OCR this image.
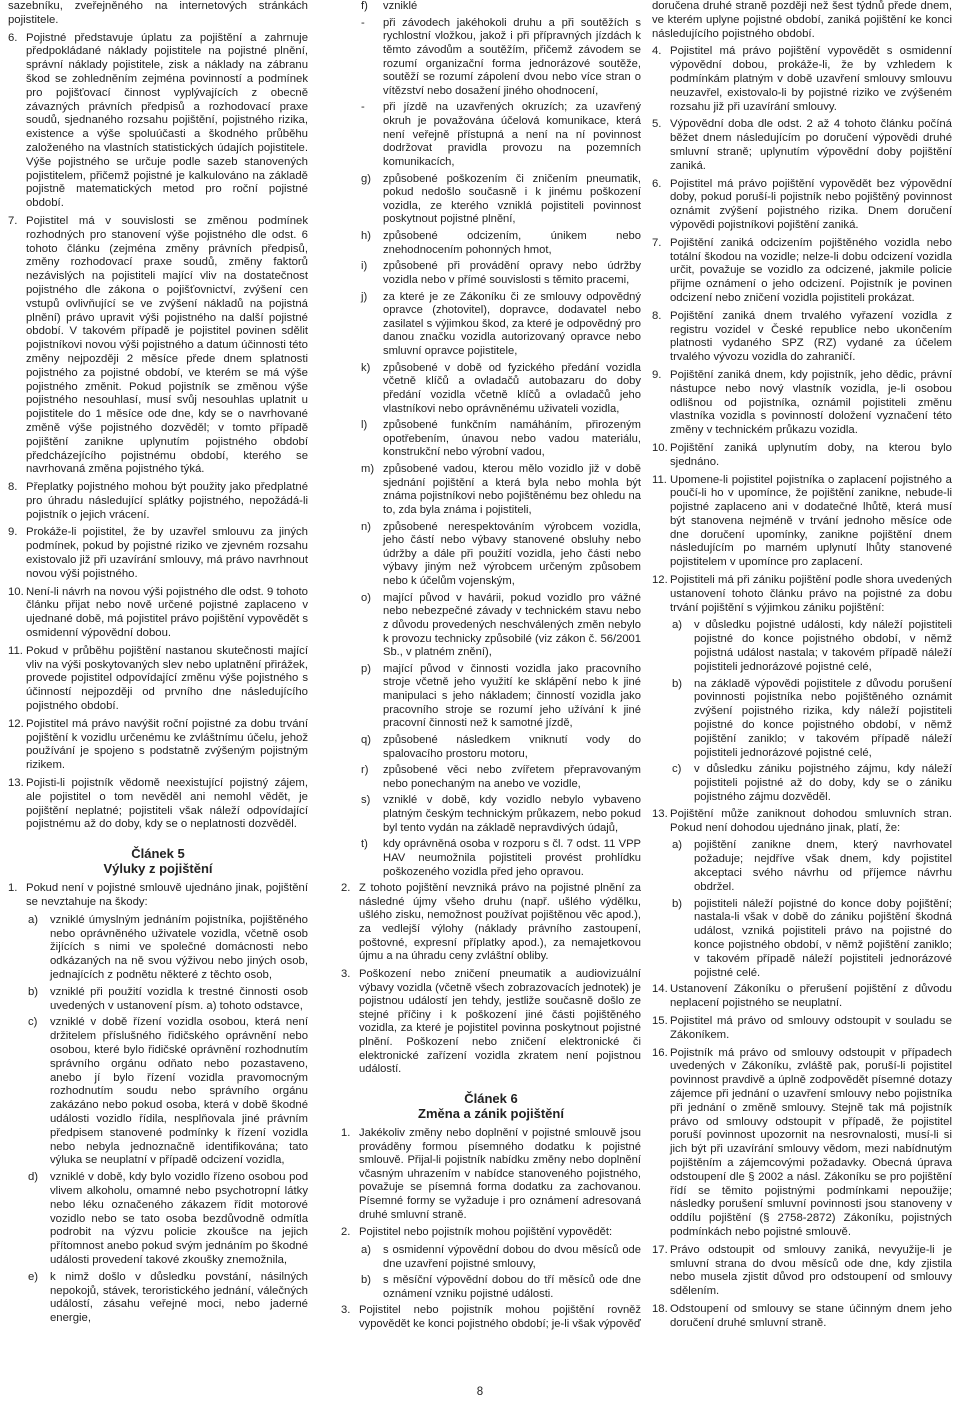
sazebníku, zveřejněného na internetových stránkách pojistitele.
6. Pojistné představuje úplatu za pojištění a zahrnuje předpokládané náklady pojistitele na pojistné plnění, správní náklady pojistitele, zisk a náklady na zábranu škod se zohledněním zejména povinností a podmínek pro pojišťovací činnost vyplývajících z obecně závazných právních předpisů a rozhodovací praxe soudů, sjednaného rozsahu pojištění, pojistného rizika, existence a výše spoluúčasti a škodného průběhu založeného na vlastních statistických údajích pojistitele. Výše pojistného se určuje podle sazeb stanovených pojistitelem, přičemž pojistné je kalkulováno na základě pojistně matematických metod pro roční pojistné období.
7. Pojistitel má v souvislosti se změnou podmínek rozhodných pro stanovení výše pojistného dle odst. 6 tohoto článku (zejména změny právních předpisů, změny rozhodovací praxe soudů, změny faktorů nezávislých na pojistiteli mající vliv na dostatečnost pojistného dle zákona o pojišťovnictví, zvýšení cen vstupů ovlivňující se ve zvýšení nákladů na pojistná plnění) právo upravit výši pojistného na další pojistné období. V takovém případě je pojistitel povinen sdělit pojistníkovi novou výši pojistného a datum účinnosti této změny nejpozději 2 měsíce přede dnem splatnosti pojistného za pojistné období, ve kterém se má výše pojistného změnit. Pokud pojistník se změnou výše pojistného nesouhlasí, musí svůj nesouhlas uplatnit u pojistitele do 1 měsíce ode dne, kdy se o navrhované změně výše pojistného dozvěděl; v tomto případě pojištění zanikne uplynutím pojistného období předcházejícího pojistnému období, kterého se navrhovaná změna pojistného týká.
8. Přeplatky pojistného mohou být použity jako předplatné pro úhradu následující splátky pojistného, nepožádá-li pojistník o jejich vrácení.
9. Prokáže-li pojistitel, že by uzavřel smlouvu za jiných podmínek, pokud by pojistné riziko ve zjevném rozsahu existovalo již při uzavírání smlouvy, má právo navrhnout novou výši pojistného.
10. Není-li návrh na novou výši pojistného dle odst. 9 tohoto článku přijat nebo nově určené pojistné zaplaceno v ujednané době, má pojistitel právo pojištění vypovědět s osmidenní výpovědní dobou.
11. Pokud v průběhu pojištění nastanou skutečnosti mající vliv na výši poskytovaných slev nebo uplatnění přirážek, provede pojistitel odpovídající změnu výše pojistného s účinností nejpozději od prvního dne následujícího pojistného období.
12. Pojistitel má právo navýšit roční pojistné za dobu trvání pojištění k vozidlu určenému ke zvláštnímu účelu, jehož používání je spojeno s podstatně zvýšeným pojistným rizikem.
13. Pojisti-li pojistník vědomě neexistující pojistný zájem, ale pojistitel o tom nevěděl ani nemohl vědět, je pojištění neplatné; pojistiteli však náleží odpovídající pojistnému až do doby, kdy se o neplatnosti dozvěděl.
Článek 5
Výluky z pojištění
1. Pokud není v pojistné smlouvě ujednáno jinak, pojištění se nevztahuje na škody:
a)	vzniklé úmyslným jednáním pojistníka, pojištěného nebo oprávněného uživatele vozidla, včetně osob žijících s nimi ve společné domácnosti nebo odkázaných na ně svou výživou nebo jiných osob, jednajících z podnětu některé z těchto osob,
b)	vzniklé při použití vozidla k trestné činnosti osob uvedených v ustanovení písm. a) tohoto odstavce,
c)	vzniklé v době řízení vozidla osobou, která není držitelem příslušného řidičského oprávnění nebo osobou, které bylo řidičské oprávnění rozhodnutím správního orgánu odňato nebo pozastaveno, anebo jí bylo řízení vozidla pravomocným rozhodnutím soudu nebo správního orgánu zakázáno nebo pokud osoba, která v době škodné události vozidlo řídila, nesplňovala jiné právním předpisem stanovené podmínky k řízení vozidla nebo nebyla jednoznačně identifikována; tato výluka se neuplatní v případě odcizení vozidla,
d)	vzniklé v době, kdy bylo vozidlo řízeno osobou pod vlivem alkoholu, omamné nebo psychotropní látky nebo léku označeného zákazem řídit motorové vozidlo nebo se tato osoba bezdůvodně odmítla podrobit na výzvu policie zkoušce na jejich přítomnost anebo pokud svým jednáním po škodné události provedení takové zkoušky znemožnila,
e)	k nimž došlo v důsledku povstání, násilných nepokojů, stávek, teroristického jednání, válečných událostí, zásahu veřejné moci, nebo jaderné energie,
f)	vzniklé
-	při závodech jakéhokoli druhu a při soutěžích s rychlostní vložkou, jakož i při přípravných jízdách k těmto závodům a soutěžím, přičemž závodem se rozumí organizační forma jednorázové soutěže, soutěží se rozumí zápolení dvou nebo více stran o vítězství nebo dosažení jiného ohodnocení,
-	při jízdě na uzavřených okruzích; za uzavřený okruh je považována účelová komunikace, která není veřejně přístupná a není na ní povinnost dodržovat pravidla provozu na pozemních komunikacích,
g)	způsobené poškozením či zničením pneumatik, pokud nedošlo současně i k jinému poškození vozidla, ze kterého vzniklá pojistiteli povinnost poskytnout pojistné plnění,
h)	způsobené odcizením, únikem nebo znehodnocením pohonných hmot,
i)	způsobené při provádění opravy nebo údržby vozidla nebo v přímé souvislosti s těmito pracemi,
j)	za které je ze Zákoníku či ze smlouvy odpovědný opravce (zhotovitel), dopravce, dodavatel nebo zasilatel s výjimkou škod, za které je odpovědný pro danou značku vozidla autorizovaný opravce nebo smluvní opravce pojistitele,
k)	způsobené v době od fyzického předání vozidla včetně klíčů a ovladačů autobazaru do doby předání vozidla včetně klíčů a ovladačů jeho vlastníkovi nebo oprávněnému uživateli vozidla,
l)	způsobené funkčním namáháním, přirozeným opotřebením, únavou nebo vadou materiálu, konstrukční nebo výrobní vadou,
m) způsobené vadou, kterou mělo vozidlo již v době sjednání pojištění a která byla nebo mohla být známa pojistníkovi nebo pojištěnému bez ohledu na to, zda byla známa i pojistiteli,
n)	způsobené nerespektováním výrobcem vozidla, jeho částí nebo výbavy stanovené obsluhy nebo údržby a dále při použití vozidla, jeho části nebo výbavy jiným než výrobcem určeným způsobem nebo k účelům vojenským,
o)	mající původ v havárii, pokud vozidlo pro vážné nebo nebezpečné závady v technickém stavu nebo z důvodu provedených neschválených změn nebylo k provozu technicky způsobilé (viz zákon č. 56/2001 Sb., v platném znění),
p)	mající původ v činnosti vozidla jako pracovního stroje včetně jeho využití ke sklápění nebo k jiné manipulaci s jeho nákladem; činností vozidla jako pracovního stroje se rozumí jeho užívání k jiné pracovní činnosti než k samotné jízdě,
q)	způsobené následkem vniknutí vody do spalovacího prostoru motoru,
r)	způsobené věci nebo zvířetem přepravovaným nebo ponechaným na anebo ve vozidle,
s)	vzniklé v době, kdy vozidlo nebylo vybaveno platným českým technickým průkazem, nebo pokud byl tento vydán na základě nepravdivých údajů,
t)	kdy oprávněná osoba v rozporu s čl. 7 odst. 11 VPP HAV neumožnila pojistiteli provést prohlídku poškozeného vozidla před jeho opravou.
2. Z tohoto pojištění nevzniká právo na pojistné plnění za následné újmy všeho druhu (např. ušlého výdělku, ušlého zisku, nemožnost používat pojištěnou věc apod.), za vedlejší výlohy (náklady právního zastoupení, poštovné, expresní příplatky apod.), za nemajetkovou újmu a na úhradu ceny zvláštní obliby.
3. Poškození nebo zničení pneumatik a audiovizuální výbavy vozidla (včetně všech zobrazovacích jednotek) je pojistnou událostí jen tehdy, jestliže současně došlo ze stejné příčiny i k poškození jiné části pojištěného vozidla, za které je pojistitel povinna poskytnout pojistné plnění. Poškození nebo zničení elektronické či elektronické zařízení vozidla zkratem není pojistnou událostí.
Článek 6
Změna a zánik pojištění
1. Jakékoliv změny nebo doplnění v pojistné smlouvě jsou prováděny formou písemného dodatku k pojistné smlouvě. Přijal-li pojistník nabídku změny nebo doplnění včasným uhrazením v nabídce stanoveného pojistného, považuje se písemná forma dodatku za zachovanou. Písemné formy se vyžaduje i pro oznámení adresovaná druhé smluvní straně.
2. Pojistitel nebo pojistník mohou pojištění vypovědět:
a)	s osmidenní výpovědní dobou do dvou měsíců ode dne uzavření pojistné smlouvy,
b)	s měsíční výpovědní dobou do tří měsíců ode dne oznámení vzniku pojistné události.
3. Pojistitel nebo pojistník mohou pojištění rovněž vypovědět ke konci pojistného období; je-li však výpověď
doručena druhé straně později než šest týdnů přede dnem, ve kterém uplyne pojistné období, zaniká pojištění ke konci následujícího pojistného období.
4. Pojistitel má právo pojištění vypovědět s osmidenní výpovědní dobou, prokáže-li, že by vzhledem k podmínkám platným v době uzavření smlouvy smlouvu neuzavřel, existovalo-li by pojistné riziko ve zvýšeném rozsahu již při uzavírání smlouvy.
5. Výpovědní doba dle odst. 2 až 4 tohoto článku počíná běžet dnem následujícím po doručení výpovědi druhé smluvní straně; uplynutím výpovědní doby pojištění zaniká.
6. Pojistitel má právo pojištění vypovědět bez výpovědní doby, pokud poruší-li pojistník nebo pojištěný povinnost oznámit zvýšení pojistného rizika. Dnem doručení výpovědi pojistníkovi pojištění zaniká.
7. Pojištění zaniká odcizením pojištěného vozidla nebo totální škodou na vozidle; nelze-li dobu odcizení vozidla určit, považuje se vozidlo za odcizené, jakmile policie přijme oznámení o jeho odcizení. Pojistník je povinen odcizení nebo zničení vozidla pojistiteli prokázat.
8. Pojištění zaniká dnem trvalého vyřazení vozidla z registru vozidel v České republice nebo ukončením platnosti vydaného SPZ (RZ) vydané za účelem trvalého vývozu vozidla do zahraničí.
9. Pojištění zaniká dnem, kdy pojistník, jeho dědic, právní nástupce nebo nový vlastník vozidla, je-li osobou odlišnou od pojistníka, oznámil pojistiteli změnu vlastníka vozidla s povinností doložení vyznačení této změny v technickém průkazu vozidla.
10. Pojištění zaniká uplynutím doby, na kterou bylo sjednáno.
11. Upomene-li pojistitel pojistníka o zaplacení pojistného a poučí-li ho v upomínce, že pojištění zanikne, nebude-li pojistné zaplaceno ani v dodatečné lhůtě, která musí být stanovena nejméně v trvání jednoho měsíce ode dne doručení upomínky, zanikne pojištění dnem následujícím po marném uplynutí lhůty stanovené pojistitelem v upomínce pro zaplacení.
12. Pojistiteli má při zániku pojištění podle shora uvedených ustanovení tohoto článku právo na pojistné za dobu trvání pojištění s výjimkou zániku pojištění:
a)	v důsledku pojistné události, kdy náleží pojistiteli pojistné do konce pojistného období, v němž pojistná událost nastala; v takovém případě náleží pojistiteli jednorázové pojistné celé,
b)	na základě výpovědi pojistitele z důvodu porušení povinnosti pojistníka nebo pojištěného oznámit zvýšení pojistného rizika, kdy náleží pojistiteli pojistné do konce pojistného období, v němž pojištění zaniklo; v takovém případě náleží pojistiteli jednorázové pojistné celé,
c)	v důsledku zániku pojistného zájmu, kdy náleží pojistiteli pojistné až do doby, kdy se o zániku pojistného zájmu dozvěděl.
13. Pojištění může zaniknout dohodou smluvních stran. Pokud není dohodou ujednáno jinak, platí, že:
a)	pojištění zanikne dnem, který navrhovatel požaduje; nejdříve však dnem, kdy pojistitel akceptaci svého návrhu od příjemce návrhu obdržel.
b)	pojistiteli náleží pojistné do konce doby pojištění; nastala-li však v době do zániku pojištění škodná událost, vzniká pojistiteli právo na pojistné do konce pojistného období, v němž pojištění zaniklo; v takovém případě náleží pojistiteli jednorázové pojistné celé.
14. Ustanovení Zákoníku o přerušení pojištění z důvodu neplacení pojistného se neuplatní.
15. Pojistitel má právo od smlouvy odstoupit v souladu se Zákoníkem.
16. Pojistník má právo od smlouvy odstoupit v případech uvedených v Zákoníku, zvláště pak, poruší-li pojistitel povinnost pravdivě a úplně zodpovědět písemné dotazy zájemce při jednání o uzavření smlouvy nebo pojistníka při jednání o změně smlouvy. Stejně tak má pojistník právo od smlouvy odstoupit v případě, že pojistitel poruší povinnost upozornit na nesrovnalosti, musí-li si jich být při uzavírání smlouvy vědom, mezi nabídnutým pojištěním a zájemcovými požadavky. Obecná úprava odstoupení dle § 2002 a násl. Zákoníku se pro pojištění řídí se těmito pojistnými podmínkami nepoužije; následky porušení smluvní povinnosti jsou stanoveny v oddílu pojištění (§ 2758-2872) Zákoníku, pojistných podmínkách nebo pojistné smlouvě.
17. Právo odstoupit od smlouvy zaniká, nevyužije-li je smluvní strana do dvou měsíců ode dne, kdy zjistila nebo musela zjistit důvod pro odstoupení od smlouvy sdělením.
18. Odstoupení od smlouvy se stane účinným dnem jeho doručení druhé smluvní straně.
8
